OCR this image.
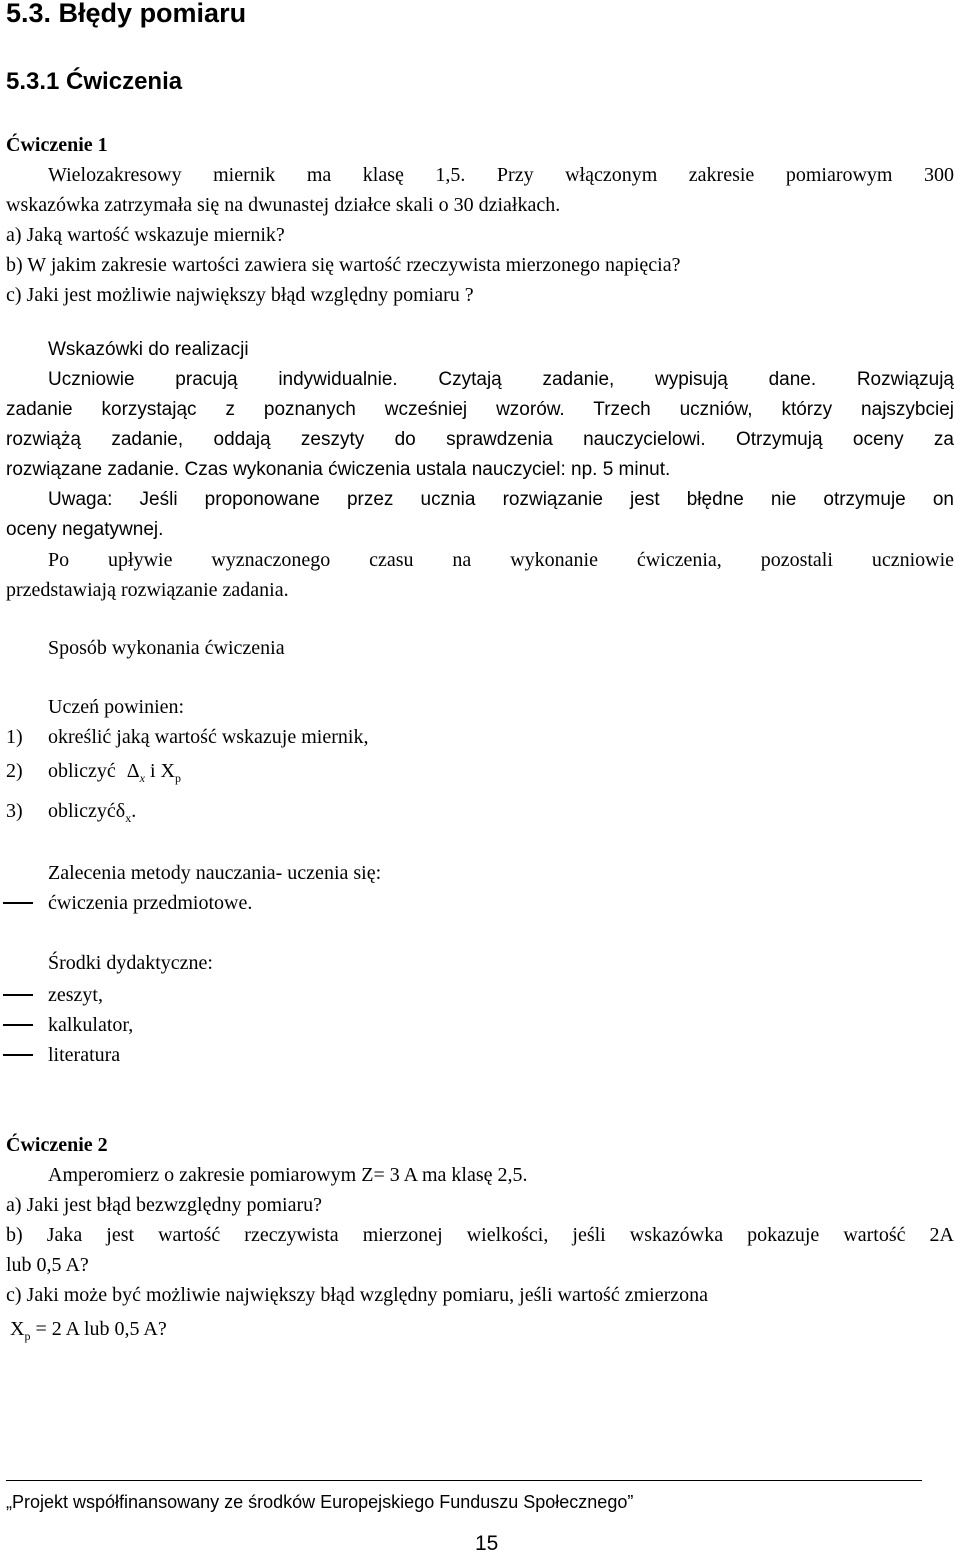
5.3. Błędy pomiaru
5.3.1 Ćwiczenia
Ćwiczenie 1
Wielozakresowy miernik ma klasę 1,5. Przy włączonym zakresie pomiarowym 300
wskazówka zatrzymała się na dwunastej działce skali o 30 działkach.
a) Jaką wartość wskazuje miernik?
b) W jakim zakresie wartości zawiera się wartość rzeczywista mierzonego napięcia?
c) Jaki jest możliwie największy błąd względny pomiaru ?
Wskazówki do realizacji
Uczniowie pracują indywidualnie. Czytają zadanie, wypisują dane. Rozwiązują
zadanie korzystając z poznanych wcześniej wzorów. Trzech uczniów, którzy najszybciej
rozwiążą zadanie, oddają zeszyty do sprawdzenia nauczycielowi. Otrzymują oceny za
rozwiązane zadanie. Czas wykonania ćwiczenia ustala nauczyciel: np. 5 minut.
Uwaga: Jeśli proponowane przez ucznia rozwiązanie jest błędne nie otrzymuje on
oceny negatywnej.
Po upływie wyznaczonego czasu na wykonanie ćwiczenia, pozostali uczniowie
przedstawiają rozwiązanie zadania.
Sposób wykonania ćwiczenia
Uczeń powinien:
1) określić jaką wartość wskazuje miernik,
2) obliczyć $\Delta_x$ i $X_p$
3) obliczyćδ$_x$.
Zalecenia metody nauczania- uczenia się:
ćwiczenia przedmiotowe.
Środki dydaktyczne:
zeszyt,
kalkulator,
literatura
Ćwiczenie 2
Amperomierz o zakresie pomiarowym Z= 3 A ma klasę 2,5.
a) Jaki jest błąd bezwzględny pomiaru?
b) Jaka jest wartość rzeczywista mierzonej wielkości, jeśli wskazówka pokazuje wartość 2A
lub 0,5 A?
c) Jaki może być możliwie największy błąd względny pomiaru, jeśli wartość zmierzona
$X_p = 2$ A lub 0,5 A?
„Projekt współfinansowany ze środków Europejskiego Funduszu Społecznego”
15
